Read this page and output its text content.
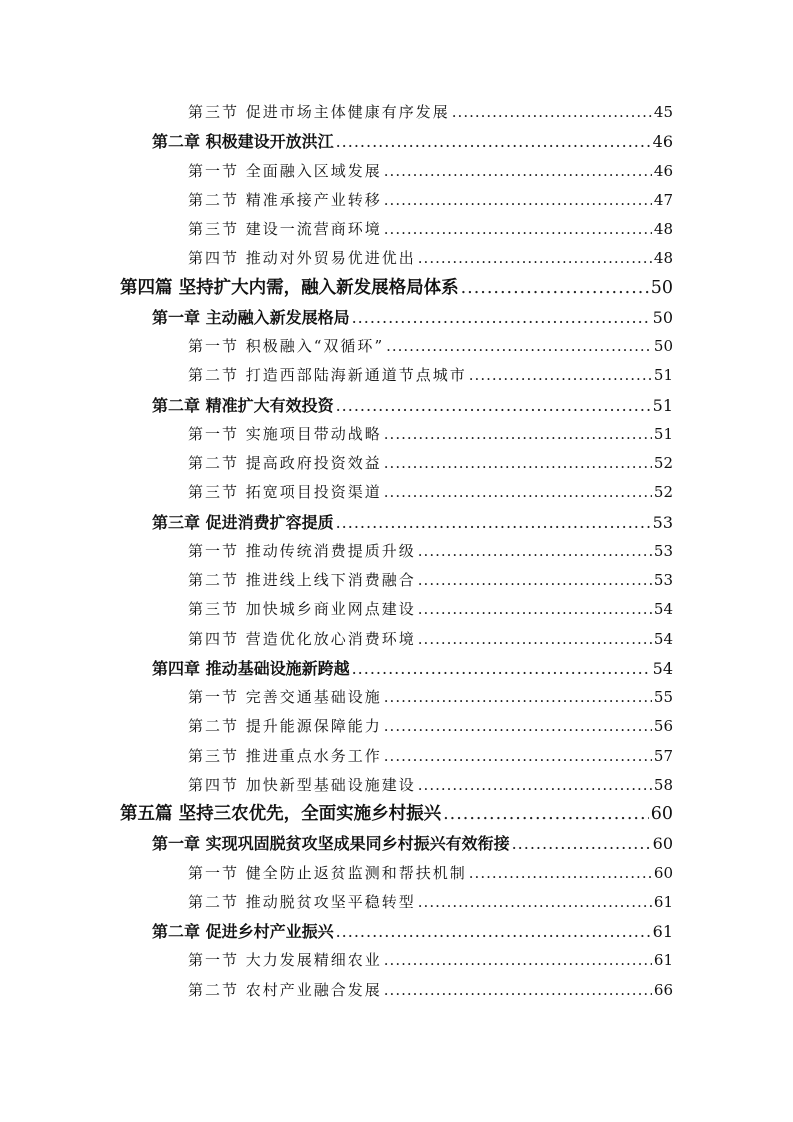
第三节 促进市场主体健康有序发展 .....	45
第二章 积极建设开放洪江 .....	46
第一节 全面融入区域发展 .....	46
第二节 精准承接产业转移 .....	47
第三节 建设一流营商环境 .....	48
第四节 推动对外贸易优进优出 .....	48
第四篇 坚持扩大内需，融入新发展格局体系 .....	50
第一章 主动融入新发展格局 .....	50
第一节 积极融入“双循环” .....	50
第二节 打造西部陆海新通道节点城市 .....	51
第二章 精准扩大有效投资 .....	51
第一节 实施项目带动战略 .....	51
第二节 提高政府投资效益 .....	52
第三节 拓宽项目投资渠道 .....	52
第三章 促进消费扩容提质 .....	53
第一节 推动传统消费提质升级 .....	53
第二节 推进线上线下消费融合 .....	53
第三节 加快城乡商业网点建设 .....	54
第四节 营造优化放心消费环境 .....	54
第四章 推动基础设施新跨越 .....	54
第一节 完善交通基础设施 .....	55
第二节 提升能源保障能力 .....	56
第三节 推进重点水务工作 .....	57
第四节 加快新型基础设施建设 .....	58
第五篇 坚持三农优先，全面实施乡村振兴 .....	60
第一章 实现巩固脱贫攻坚成果同乡村振兴有效衔接 .....	60
第一节 健全防止返贫监测和帮扶机制 .....	60
第二节 推动脱贫攻坚平稳转型 .....	61
第二章 促进乡村产业振兴 .....	61
第一节 大力发展精细农业 .....	61
第二节 农村产业融合发展 .....	66
